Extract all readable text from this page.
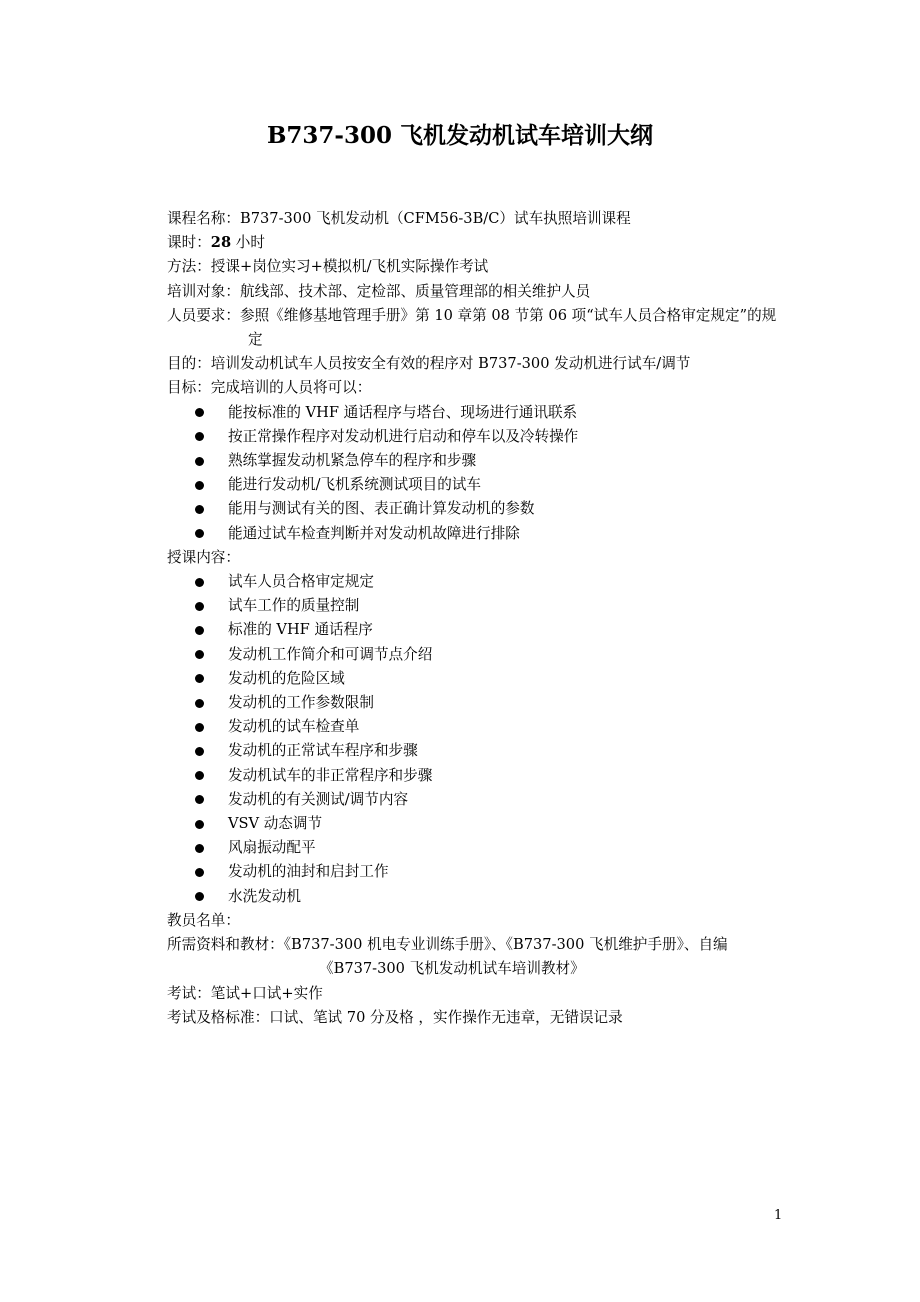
B737-300 飞机发动机试车培训大纲
课程名称：B737-300 飞机发动机（CFM56-3B/C）试车执照培训课程
课时：28 小时
方法：授课+岗位实习+模拟机/飞机实际操作考试
培训对象：航线部、技术部、定检部、质量管理部的相关维护人员
人员要求：参照《维修基地管理手册》第 10 章第 08 节第 06 项“试车人员合格审定规定”的规定
目的：培训发动机试车人员按安全有效的程序对 B737-300 发动机进行试车/调节
目标：完成培训的人员将可以：
能按标准的 VHF 通话程序与塔台、现场进行通讯联系
按正常操作程序对发动机进行启动和停车以及冷转操作
熟练掌握发动机紧急停车的程序和步骤
能进行发动机/飞机系统测试项目的试车
能用与测试有关的图、表正确计算发动机的参数
能通过试车检查判断并对发动机故障进行排除
授课内容：
试车人员合格审定规定
试车工作的质量控制
标准的 VHF 通话程序
发动机工作简介和可调节点介绍
发动机的危险区域
发动机的工作参数限制
发动机的试车检查单
发动机的正常试车程序和步骤
发动机试车的非正常程序和步骤
发动机的有关测试/调节内容
VSV 动态调节
风扇振动配平
发动机的油封和启封工作
水洗发动机
教员名单：
所需资料和教材：《B737-300 机电专业训练手册》、《B737-300 飞机维护手册》、自编
《B737-300 飞机发动机试车培训教材》
考试：笔试+口试+实作
考试及格标准：口试、笔试 70 分及格 ，实作操作无违章，无错误记录
1
